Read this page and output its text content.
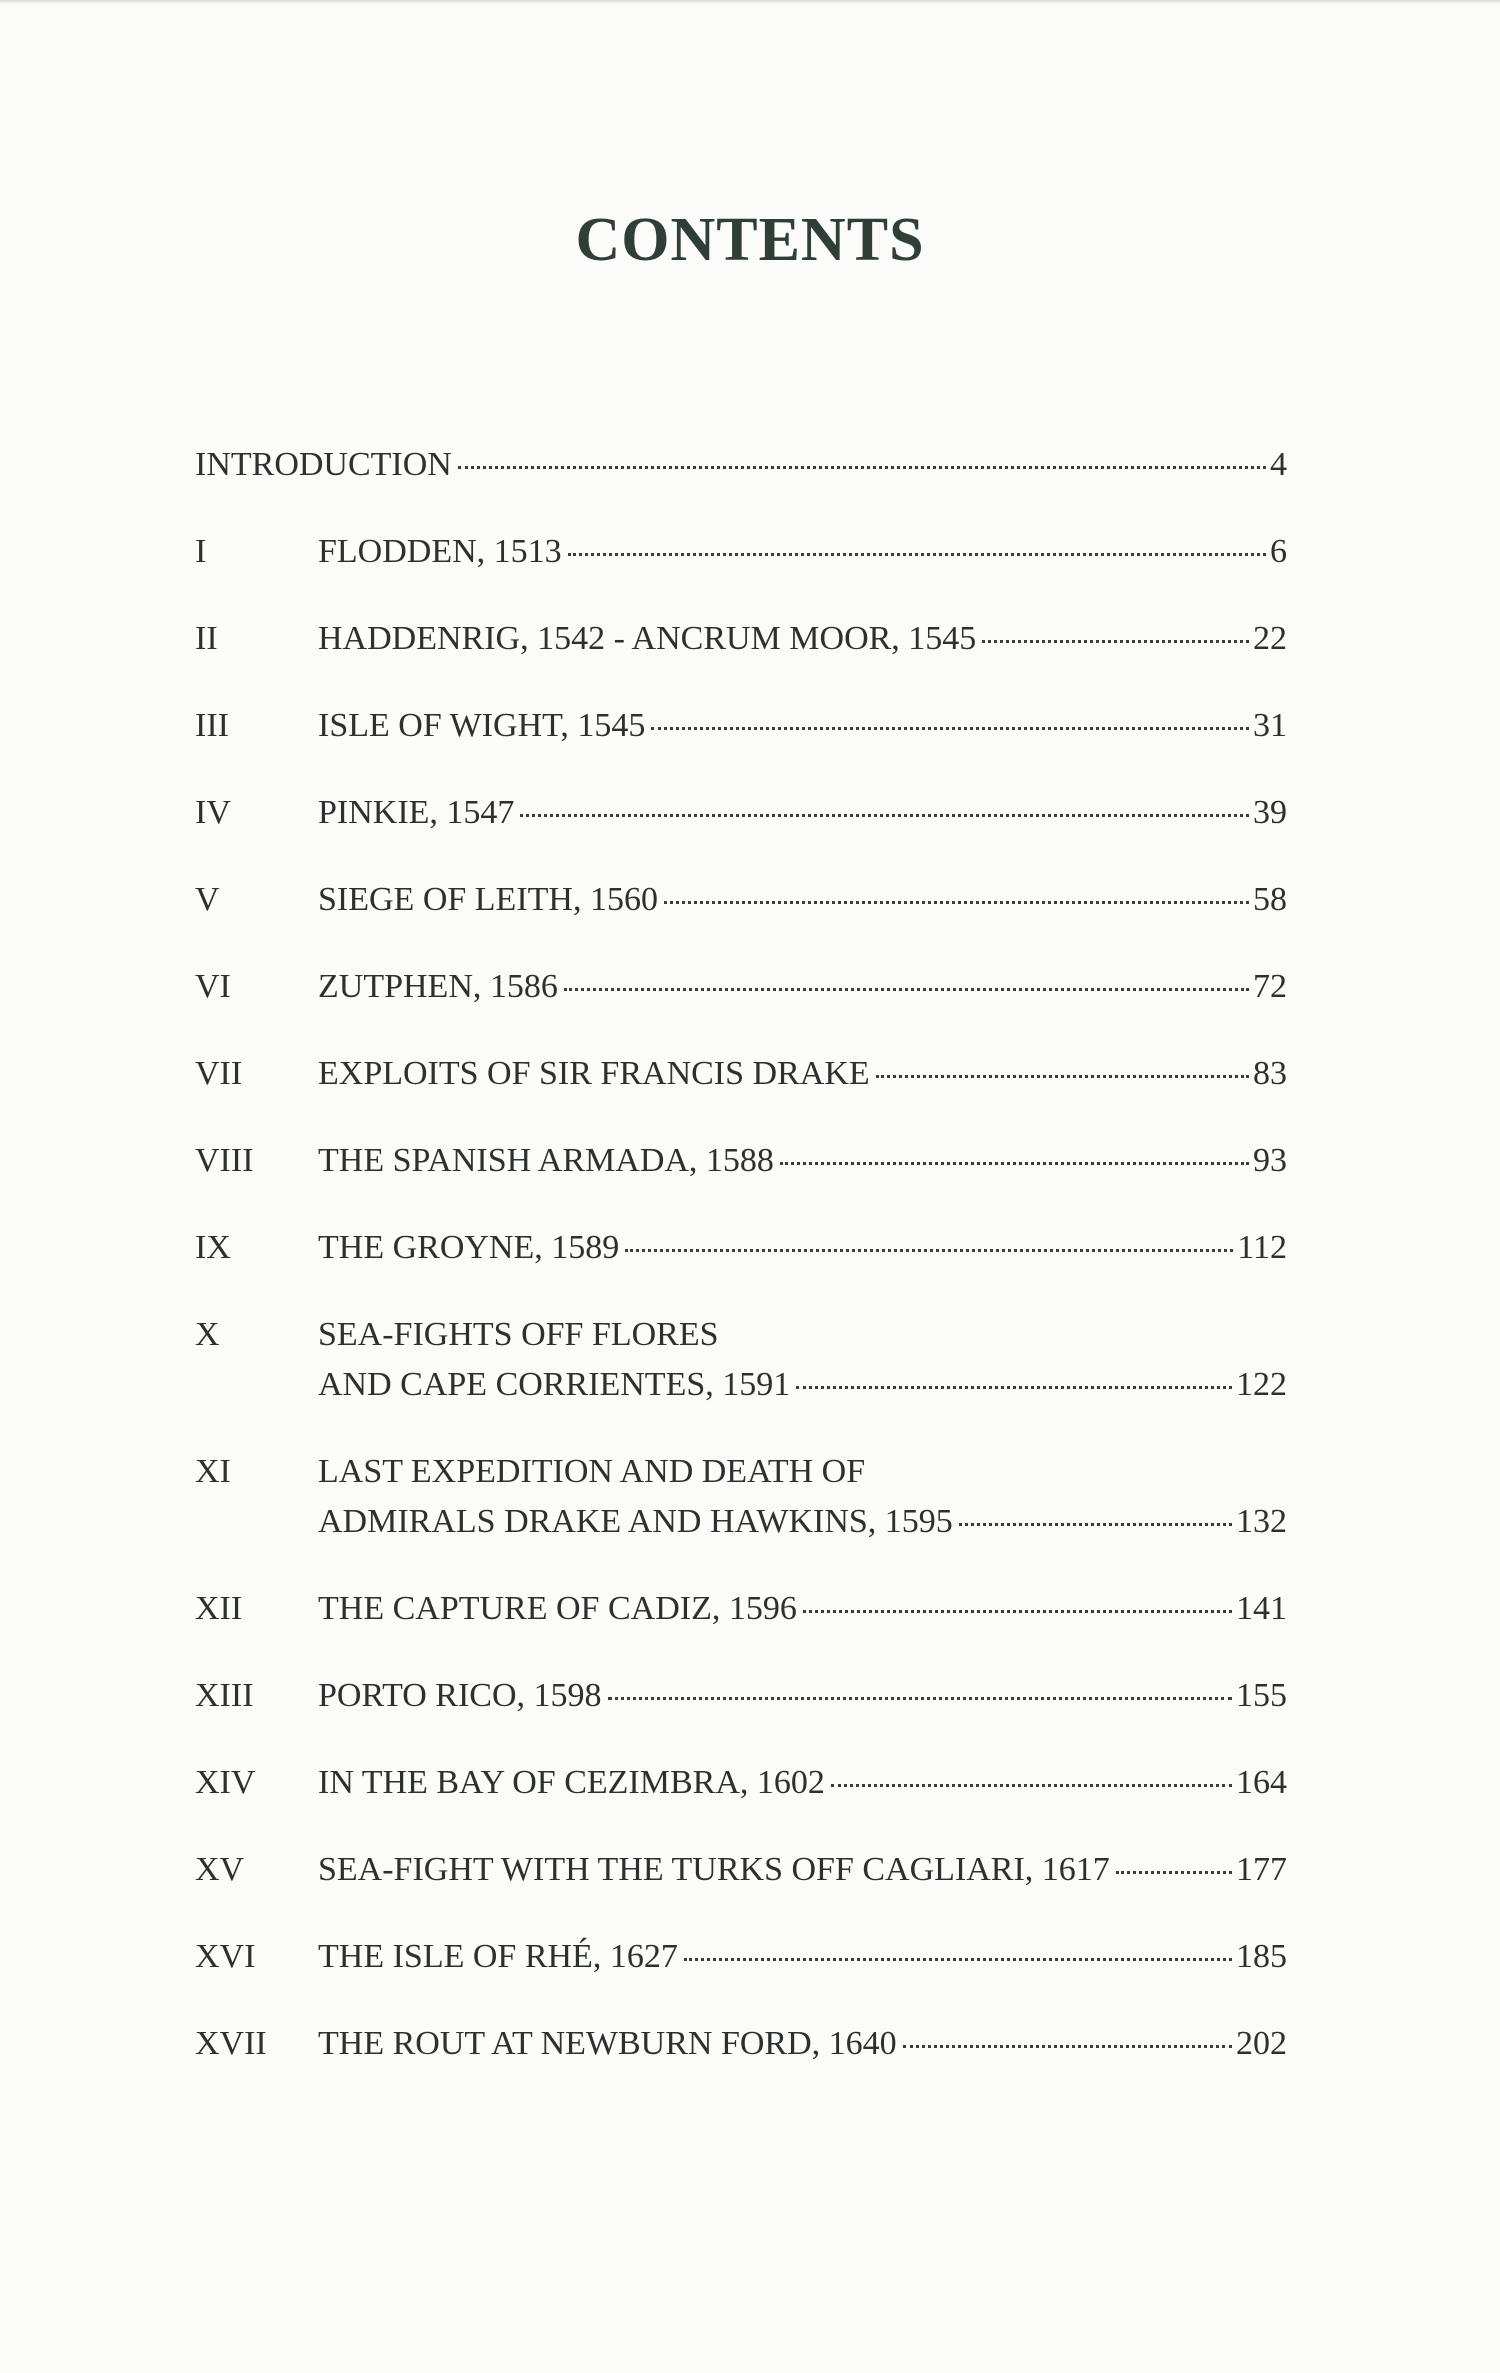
CONTENTS
INTRODUCTION	4
I	FLODDEN, 1513	6
II	HADDENRIG, 1542 - ANCRUM MOOR, 1545	22
III	ISLE OF WIGHT, 1545	31
IV	PINKIE, 1547	39
V	SIEGE OF LEITH, 1560	58
VI	ZUTPHEN, 1586	72
VII	EXPLOITS OF SIR FRANCIS DRAKE	83
VIII	THE SPANISH ARMADA, 1588	93
IX	THE GROYNE, 1589	112
X	SEA-FIGHTS OFF FLORES
AND CAPE CORRIENTES, 1591	122
XI	LAST EXPEDITION AND DEATH OF
ADMIRALS DRAKE AND HAWKINS, 1595	132
XII	THE CAPTURE OF CADIZ, 1596	141
XIII	PORTO RICO, 1598	155
XIV	IN THE BAY OF CEZIMBRA, 1602	164
XV	SEA-FIGHT WITH THE TURKS OFF CAGLIARI, 1617	177
XVI	THE ISLE OF RHÉ, 1627	185
XVII	THE ROUT AT NEWBURN FORD, 1640	202
